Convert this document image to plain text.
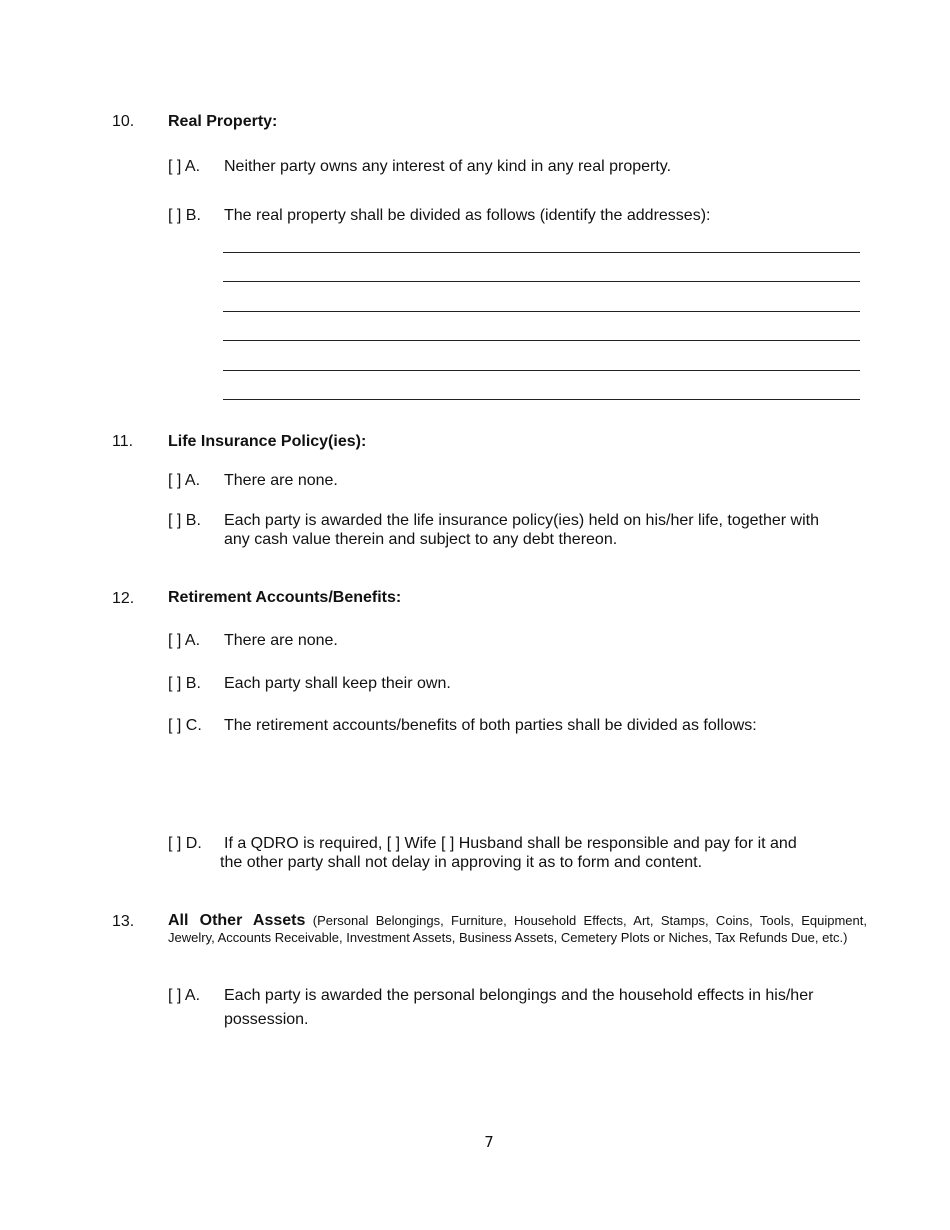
10. Real Property:
[ ] A. Neither party owns any interest of any kind in any real property.
[ ] B. The real property shall be divided as follows (identify the addresses):
11. Life Insurance Policy(ies):
[ ] A. There are none.
[ ] B. Each party is awarded the life insurance policy(ies) held on his/her life, together with
any cash value therein and subject to any debt thereon.
12. Retirement Accounts/Benefits:
[ ] A. There are none.
[ ] B. Each party shall keep their own.
[ ] C. The retirement accounts/benefits of both parties shall be divided as follows:
[ ] D. If a QDRO is required, [ ] Wife [ ] Husband shall be responsible and pay for it and
the other party shall not delay in approving it as to form and content.
13. All Other Assets (Personal Belongings, Furniture, Household Effects, Art, Stamps, Coins, Tools, Equipment, Jewelry, Accounts Receivable, Investment Assets, Business Assets, Cemetery Plots or Niches, Tax Refunds Due, etc.)
[ ] A. Each party is awarded the personal belongings and the household effects in his/her
possession.
7
